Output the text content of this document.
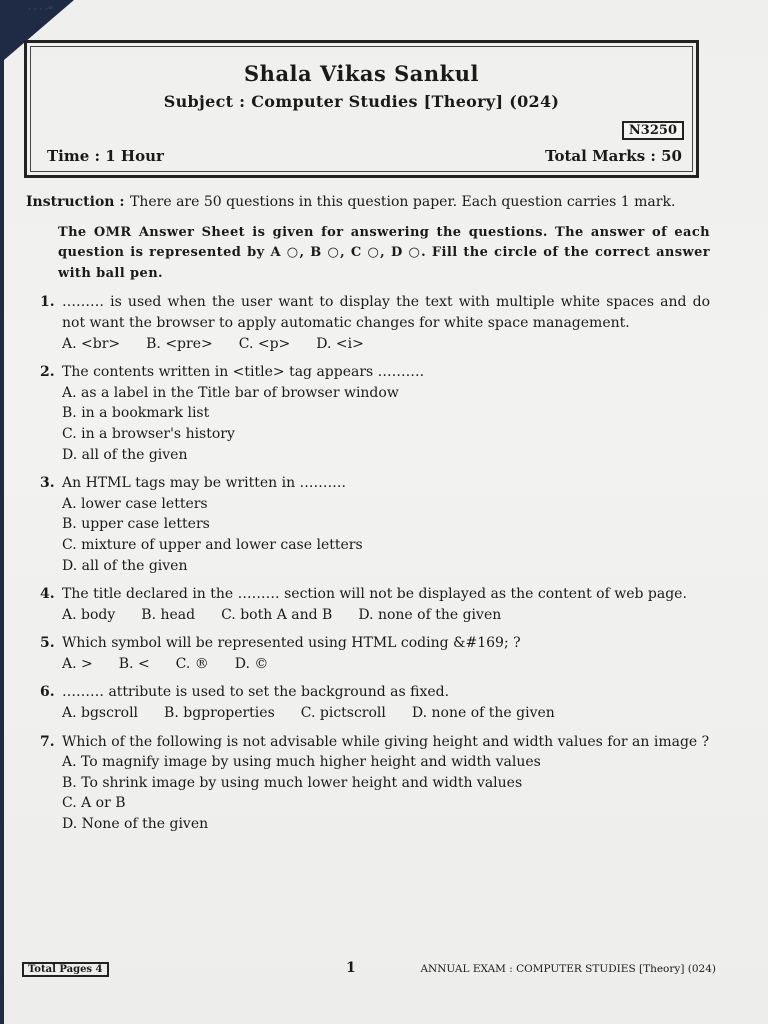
· · · ·ʷ
Shala Vikas Sankul
Subject : Computer Studies [Theory] (024)
N3250
Time : 1 Hour	Total Marks : 50
Instruction : There are 50 questions in this question paper. Each question carries 1 mark.
The OMR Answer Sheet is given for answering the questions. The answer of each question is represented by A ○, B ○, C ○, D ○. Fill the circle of the correct answer with ball pen.
1. ……… is used when the user want to display the text with multiple white spaces and do not want the browser to apply automatic changes for white space management.
A. <br> B. <pre> C. <p> D. <i>
2. The contents written in <title> tag appears ……….
A. as a label in the Title bar of browser window
B. in a bookmark list
C. in a browser's history
D. all of the given
3. An HTML tags may be written in ……….
A. lower case letters
B. upper case letters
C. mixture of upper and lower case letters
D. all of the given
4. The title declared in the ……… section will not be displayed as the content of web page.
A. body B. head C. both A and B D. none of the given
5. Which symbol will be represented using HTML coding &#169; ?
A. > B. < C. ® D. ©
6. ……… attribute is used to set the background as fixed.
A. bgscroll B. bgproperties C. pictscroll D. none of the given
7. Which of the following is not advisable while giving height and width values for an image ?
A. To magnify image by using much higher height and width values
B. To shrink image by using much lower height and width values
C. A or B
D. None of the given
Total Pages 4	1	ANNUAL EXAM : COMPUTER STUDIES [Theory] (024)
